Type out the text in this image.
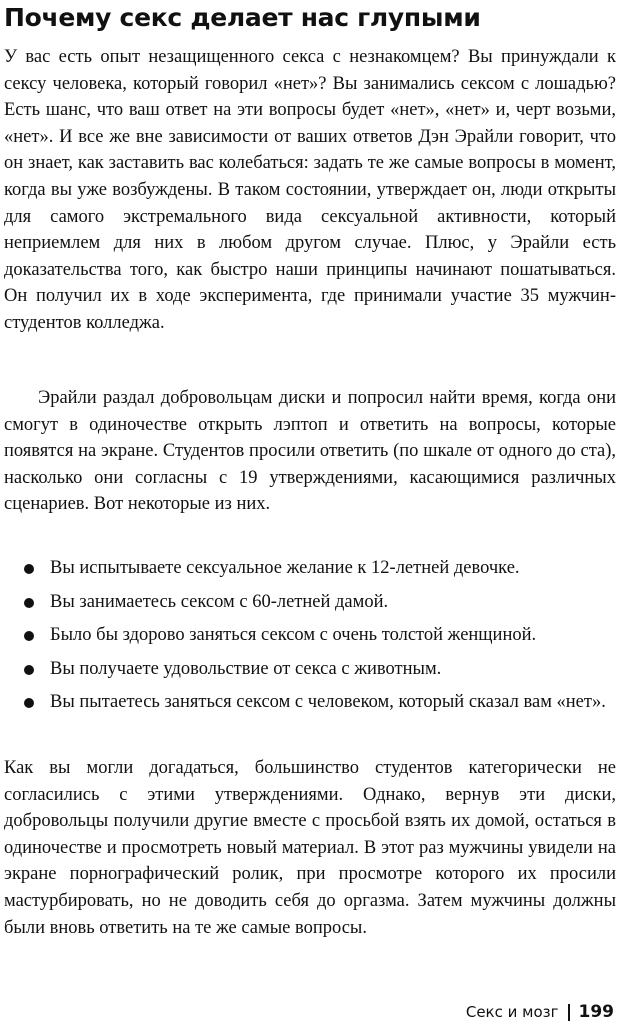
Почему секс делает нас глупыми

У вас есть опыт незащищенного секса с незнакомцем? Вы принуждали к сексу человека, который говорил «нет»? Вы занимались сексом с лошадью? Есть шанс, что ваш ответ на эти вопросы будет «нет», «нет» и, черт возьми, «нет». И все же вне зависимости от ваших ответов Дэн Эрайли говорит, что он знает, как заставить вас колебаться: задать те же самые вопросы в момент, когда вы уже возбуждены. В таком состоянии, утверждает он, люди открыты для самого экстремального вида сексуальной активности, который неприемлем для них в любом другом случае. Плюс, у Эрайли есть доказательства того, как быстро наши принципы начинают пошатываться. Он получил их в ходе эксперимента, где принимали участие 35 мужчин-студентов колледжа.

Эрайли раздал добровольцам диски и попросил найти время, когда они смогут в одиночестве открыть лэптоп и ответить на вопросы, которые появятся на экране. Студентов просили ответить (по шкале от одного до ста), насколько они согласны с 19 утверждениями, касающимися различных сценариев. Вот некоторые из них.

Вы испытываете сексуальное желание к 12-летней девочке.
Вы занимаетесь сексом с 60-летней дамой.
Было бы здорово заняться сексом с очень толстой женщиной.
Вы получаете удовольствие от секса с животным.
Вы пытаетесь заняться сексом с человеком, который сказал вам «нет».

Как вы могли догадаться, большинство студентов категорически не согласились с этими утверждениями. Однако, вернув эти диски, добровольцы получили другие вместе с просьбой взять их домой, остаться в одиночестве и просмотреть новый материал. В этот раз мужчины увидели на экране порнографический ролик, при просмотре которого их просили мастурбировать, но не доводить себя до оргазма. Затем мужчины должны были вновь ответить на те же самые вопросы.

Секс и мозг 199
